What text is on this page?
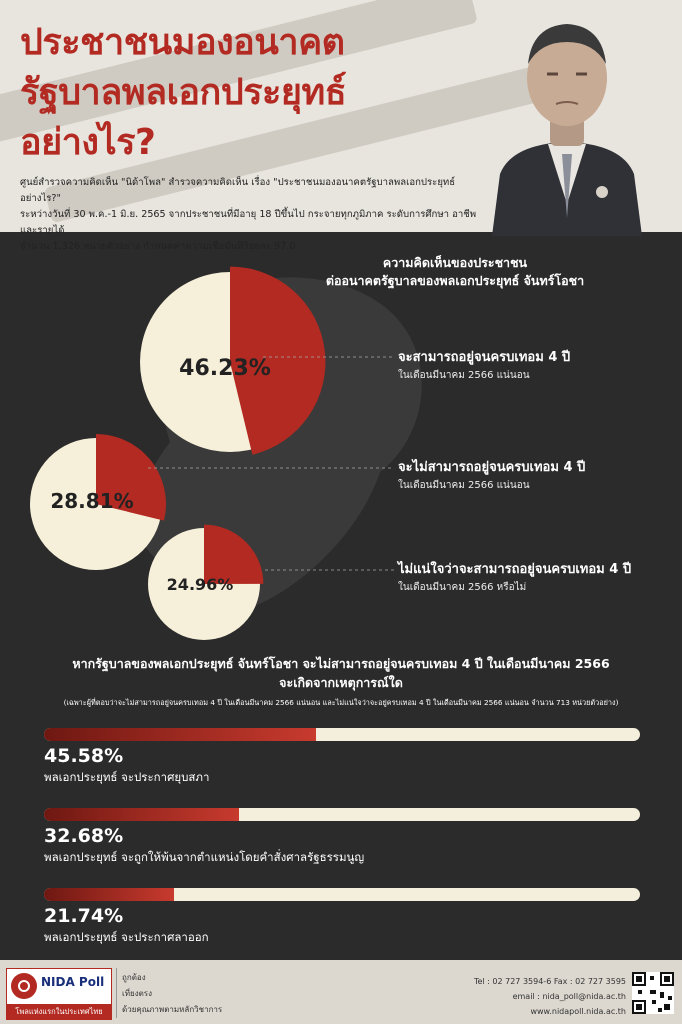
ประชาชนมองอนาคต
รัฐบาลพลเอกประยุทธ์
อย่างไร?
ศูนย์สำรวจความคิดเห็น "นิด้าโพล" สำรวจความคิดเห็น เรื่อง "ประชาชนมองอนาคตรัฐบาลพลเอกประยุทธ์ อย่างไร?"
ระหว่างวันที่ 30 พ.ค.-1 มิ.ย. 2565 จากประชาชนที่มีอายุ 18 ปีขึ้นไป กระจายทุกภูมิภาค ระดับการศึกษา อาชีพ และรายได้
จำนวน 1,326 หน่วยตัวอย่าง กำหนดค่าความเชื่อมั่นที่ร้อยละ 97.0
46.23%
28.81%
24.96%
ความคิดเห็นของประชาชน
ต่ออนาคตรัฐบาลของพลเอกประยุทธ์ จันทร์โอชา
จะสามารถอยู่จนครบเทอม 4 ปี
ในเดือนมีนาคม 2566 แน่นอน
จะไม่สามารถอยู่จนครบเทอม 4 ปี
ในเดือนมีนาคม 2566 แน่นอน
ไม่แน่ใจว่าจะสามารถอยู่จนครบเทอม 4 ปี
ในเดือนมีนาคม 2566 หรือไม่
หากรัฐบาลของพลเอกประยุทธ์ จันทร์โอชา จะไม่สามารถอยู่จนครบเทอม 4 ปี ในเดือนมีนาคม 2566
จะเกิดจากเหตุการณ์ใด
(เฉพาะผู้ที่ตอบว่าจะไม่สามารถอยู่จนครบเทอม 4 ปี ในเดือนมีนาคม 2566 แน่นอน และไม่แน่ใจว่าจะอยู่ครบเทอม 4 ปี ในเดือนมีนาคม 2566 แน่นอน จำนวน 713 หน่วยตัวอย่าง)
45.58%
พลเอกประยุทธ์ จะประกาศยุบสภา
32.68%
พลเอกประยุทธ์ จะถูกให้พ้นจากตำแหน่งโดยคำสั่งศาลรัฐธรรมนูญ
21.74%
พลเอกประยุทธ์ จะประกาศลาออก
NIDA Poll
โพลแห่งแรกในประเทศไทย
ถูกต้อง
เที่ยงตรง
ด้วยคุณภาพตามหลักวิชาการ
Tel : 02 727 3594-6 Fax : 02 727 3595
email : nida_poll@nida.ac.th
www.nidapoll.nida.ac.th
